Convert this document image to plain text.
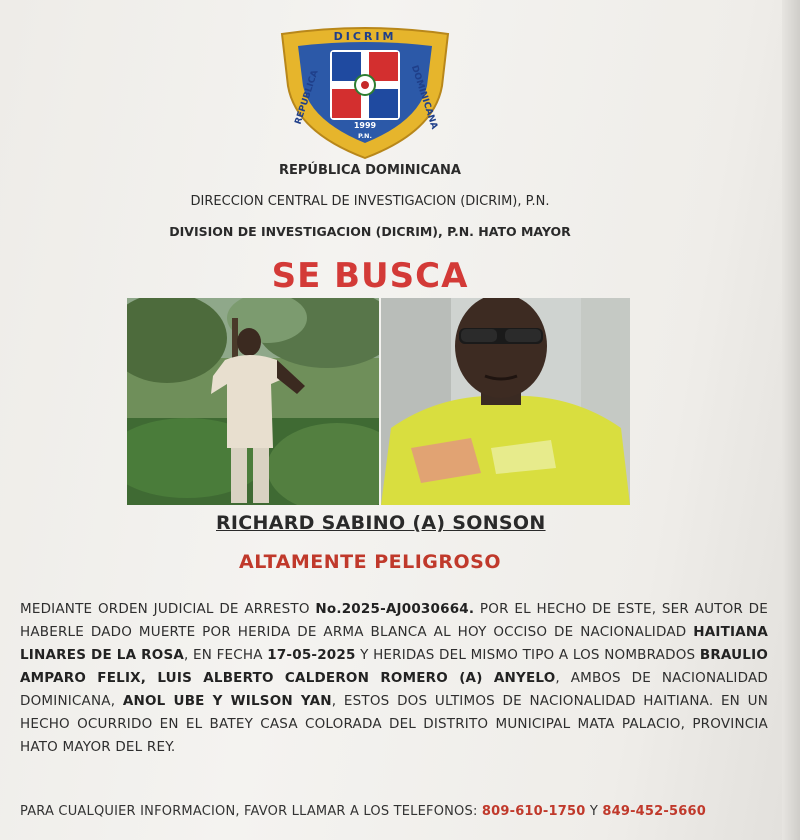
DICRIM
REPUBLICA	DOMINICANA
1999
P.N.
REPÚBLICA DOMINICANA
DIRECCION CENTRAL DE INVESTIGACION (DICRIM), P.N.
DIVISION DE INVESTIGACION (DICRIM), P.N. HATO MAYOR
SE BUSCA
RICHARD SABINO (A) SONSON
ALTAMENTE PELIGROSO
MEDIANTE ORDEN JUDICIAL DE ARRESTO No.2025-AJ0030664. POR EL HECHO DE ESTE, SER AUTOR DE HABERLE DADO MUERTE POR HERIDA DE ARMA BLANCA AL HOY OCCISO DE NACIONALIDAD HAITIANA LINARES DE LA ROSA, EN FECHA 17-05-2025 Y HERIDAS DEL MISMO TIPO A LOS NOMBRADOS BRAULIO AMPARO FELIX, LUIS ALBERTO CALDERON ROMERO (A) ANYELO, AMBOS DE NACIONALIDAD DOMINICANA, ANOL UBE Y WILSON YAN, ESTOS DOS ULTIMOS DE NACIONALIDAD HAITIANA. EN UN HECHO OCURRIDO EN EL BATEY CASA COLORADA DEL DISTRITO MUNICIPAL MATA PALACIO, PROVINCIA HATO MAYOR DEL REY.
PARA CUALQUIER INFORMACION, FAVOR LLAMAR A LOS TELEFONOS: 809-610-1750 Y 849-452-5660
